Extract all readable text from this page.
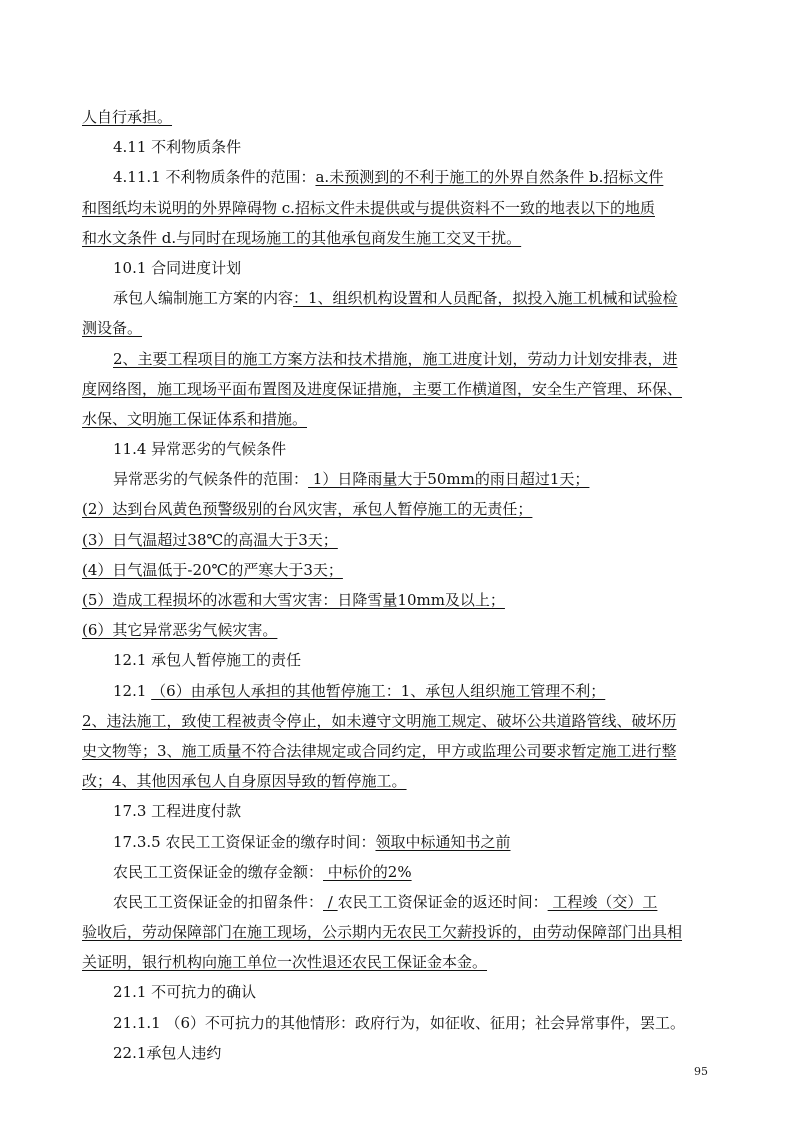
人自行承担。
4.11 不利物质条件
4.11.1 不利物质条件的范围：a.未预测到的不利于施工的外界自然条件 b.招标文件
和图纸均未说明的外界障碍物 c.招标文件未提供或与提供资料不一致的地表以下的地质
和水文条件 d.与同时在现场施工的其他承包商发生施工交叉干扰。
10.1 合同进度计划
承包人编制施工方案的内容：1、组织机构设置和人员配备，拟投入施工机械和试验检
测设备。
2、主要工程项目的施工方案方法和技术措施，施工进度计划，劳动力计划安排表，进
度网络图，施工现场平面布置图及进度保证措施，主要工作横道图，安全生产管理、环保、
水保、文明施工保证体系和措施。
11.4 异常恶劣的气候条件
异常恶劣的气候条件的范围： 1）日降雨量大于50mm的雨日超过1天；
(2）达到台风黄色预警级别的台风灾害，承包人暂停施工的无责任；
(3）日气温超过38℃的高温大于3天；
(4）日气温低于-20℃的严寒大于3天；
(5）造成工程损坏的冰雹和大雪灾害：日降雪量10mm及以上；
(6）其它异常恶劣气候灾害。
12.1 承包人暂停施工的责任
12.1 （6）由承包人承担的其他暂停施工：1、承包人组织施工管理不利；
2、违法施工，致使工程被责令停止，如未遵守文明施工规定、破坏公共道路管线、破坏历
史文物等；3、施工质量不符合法律规定或合同约定，甲方或监理公司要求暂定施工进行整
改；4、其他因承包人自身原因导致的暂停施工。
17.3 工程进度付款
17.3.5 农民工工资保证金的缴存时间：领取中标通知书之前
农民工工资保证金的缴存金额： 中标价的2%
农民工工资保证金的扣留条件： / 农民工工资保证金的返还时间： 工程竣（交）工
验收后，劳动保障部门在施工现场，公示期内无农民工欠薪投诉的，由劳动保障部门出具相
关证明，银行机构向施工单位一次性退还农民工保证金本金。
21.1 不可抗力的确认
21.1.1 （6）不可抗力的其他情形：政府行为，如征收、征用；社会异常事件，罢工。
22.1承包人违约
95
